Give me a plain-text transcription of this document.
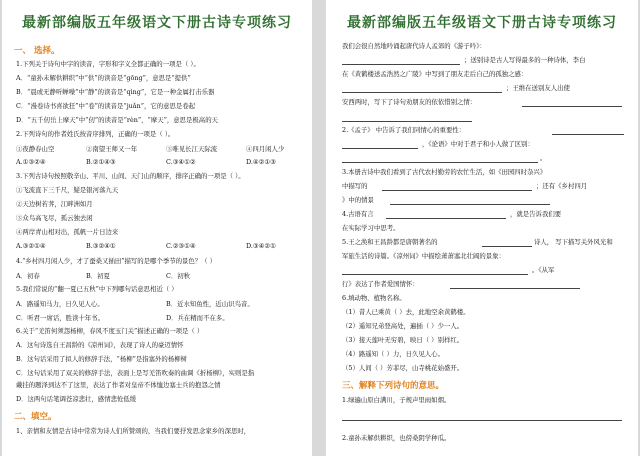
最新部编版五年级语文下册古诗专项练习
一、 选择。
1.下列关于诗句中字的读音，字形和字义全都正确的一项是（ ）。
A．“童孙未解供耕织”中“供”的读音是“gōng”，意思是“提供”
B．“晨或无静听蝉噪”中“静”的读音是“qìng”，它是一种金属打击乐器
C．“漫卷诗书喜欲狂”中“卷”的读音是“juǎn”，它的意思是卷起
D．“五千仞岳上摩天”中“仞”的读音是“rèn”，“摩天”，意思是极高的天
2.下列诗句的作者姓氏按音序排列，正确的一项是（ ）。
①夜静春山空	②南望王师又一年	③唯见长江天际流	④四月闲人少
A.①③②④	B.②①④③	C.③④①②	D.④②①③
3.下列古诗句按照敬辛山、平川、山间、天门山的顺序，排序正确的一项是（ ）。
①飞流直下三千尺，疑是银河落九天
②天边树若荠，江畔洲如月
③众鸟高飞尽，孤云独去闲
④两岸青山相对出，孤帆一片日边来
A.③②①④	B.③②④①	C.②③①④	D.③④②①
4.“乡村四月闲人少，才了蚕桑又插田”描写的是哪个季节的景色？（ ）
A．初春	B．初夏	C．初秋
5.我们常说的“翻一夏已五秋”中下列哪句话意思相近（ ）
A．路遥知马力，日久见人心。	B．近水知鱼性，近山识鸟音。
C．听君一席话，胜读十年书。	D．兵在精而不在多。
6.关于“羌笛何须怨杨柳，春风不度玉门关”描述正确的一项是（ ）
A．这句诗选自王昌龄的《凉州词》，表现了诗人的豪迈情怀
B．这句话采用了拟人的修辞手法，“杨柳”是指塞外的杨柳树
C．这句话采用了双关的修辞手法，表面上是写羌笛吹奏的曲调《折杨柳》，实则是指
戴挂的题泽到达不了这里，表达了作者对皇帝不体恤边塞士兵的抱怨之情
D．这两句话笔调苍凉悲壮，感情悲怆低缓
二、填空。
1、亲情和友情是古诗中常常为诗人们所赞颂的，当我们要抒发思念家乡的深思时，
最新部编版五年级语文下册古诗专项练习
我们会很自然地吟诵起唐代诗人孟郊的《游子吟》：
；送别诗是古人写得最多的一种诗体，李白
在《黄鹤楼送孟浩然之广陵》中写到了朋友走后自己的孤独之感：
；王维在送别友人出使
安西两时，写下了诗句劝朋友的依依惜别之情：
2.《孟子》 中告诉了我们同情心的重要性：
，《论语》中对于君子和小人做了区别：
。
3.本册古诗中我们看到了古代农村勤劳的农忙生活，如《田园四时杂兴》
中描写的	；还有《乡村四月
》中的情景
4.古语有言	，就是告诉我们要
在实际学习中思考。
5.王之涣和王昌龄都是唐朝著名的	诗人， 写下描写关外风光和
军旅生活的诗篇。《凉州词》中描绘萧萧塞北壮阔的景象：
。《从军
行》表达了作者爱国情怀：
6.填动物、植物名称。
（1）昔人已乘黄（ ）去，此地空余黄鹤楼。
（2）遥知兄弟登高处，遍插（ ）少一人。
（3）接天莲叶无穷碧，映日（ ）别样红。
（4）路遥知（ ）力，日久见人心。
（5）人间（ ）芳菲尽，山寺桃花始盛开。
三、解释下列诗句的意思。
1.绿遍山原白满川，子规声里雨如烟。
2.童孙未解供耕织，也傍桑阴学种瓜。
